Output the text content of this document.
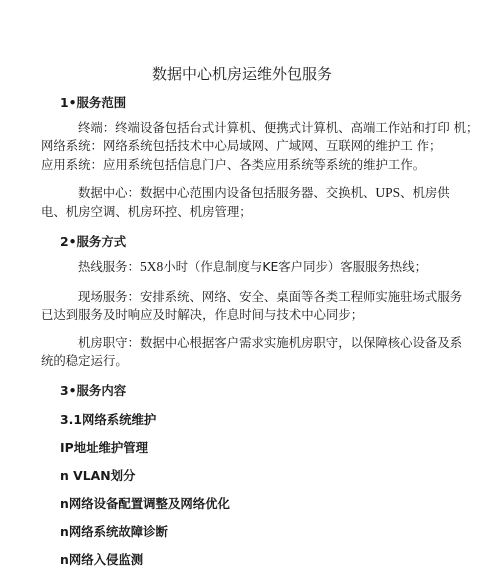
数据中心机房运维外包服务
1•服务范围
终端：终端设备包括台式计算机、便携式计算机、高端工作站和打印 机；
网络系统：网络系统包括技术中心局域网、广域网、互联网的维护工 作；
应用系统：应用系统包括信息门户、各类应用系统等系统的维护工作。
数据中心：数据中心范围内设备包括服务器、交换机、UPS、机房供
电、机房空调、机房环控、机房管理；
2•服务方式
热线服务：5X8小时（作息制度与KE客户同步）客服服务热线；
现场服务：安排系统、网络、安全、桌面等各类工程师实施驻场式服务
已达到服务及时响应及时解决，作息时间与技术中心同步；
机房职守：数据中心根据客户需求实施机房职守，以保障核心设备及系
统的稳定运行。
3•服务内容
3.1网络系统维护
IP地址维护管理
n VLAN划分
n网络设备配置调整及网络优化
n网络系统故障诊断
n网络入侵监测
